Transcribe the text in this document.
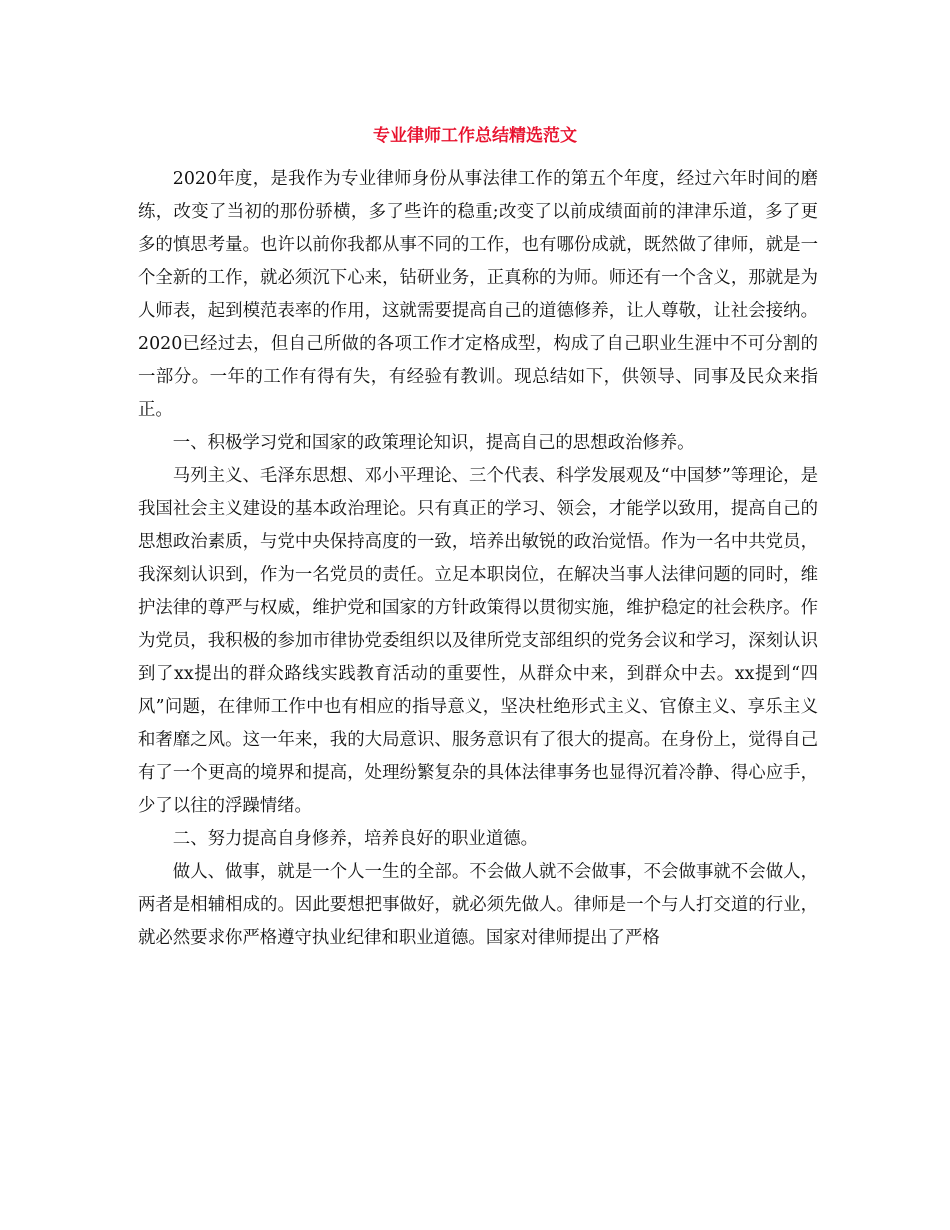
专业律师工作总结精选范文

2020年度，是我作为专业律师身份从事法律工作的第五个年度，经过六年时间的磨练，改变了当初的那份骄横，多了些许的稳重;改变了以前成绩面前的津津乐道，多了更多的慎思考量。也许以前你我都从事不同的工作，也有哪份成就，既然做了律师，就是一个全新的工作，就必须沉下心来，钻研业务，正真称的为师。师还有一个含义，那就是为人师表，起到模范表率的作用，这就需要提高自己的道德修养，让人尊敬，让社会接纳。2020已经过去，但自己所做的各项工作才定格成型，构成了自己职业生涯中不可分割的一部分。一年的工作有得有失，有经验有教训。现总结如下，供领导、同事及民众来指正。

一、积极学习党和国家的政策理论知识，提高自己的思想政治修养。

马列主义、毛泽东思想、邓小平理论、三个代表、科学发展观及“中国梦”等理论，是我国社会主义建设的基本政治理论。只有真正的学习、领会，才能学以致用，提高自己的思想政治素质，与党中央保持高度的一致，培养出敏锐的政治觉悟。作为一名中共党员，我深刻认识到，作为一名党员的责任。立足本职岗位，在解决当事人法律问题的同时，维护法律的尊严与权威，维护党和国家的方针政策得以贯彻实施，维护稳定的社会秩序。作为党员，我积极的参加市律协党委组织以及律所党支部组织的党务会议和学习，深刻认识到了xx提出的群众路线实践教育活动的重要性，从群众中来，到群众中去。xx提到“四风”问题，在律师工作中也有相应的指导意义，坚决杜绝形式主义、官僚主义、享乐主义和奢靡之风。这一年来，我的大局意识、服务意识有了很大的提高。在身份上，觉得自己有了一个更高的境界和提高，处理纷繁复杂的具体法律事务也显得沉着冷静、得心应手，少了以往的浮躁情绪。

二、努力提高自身修养，培养良好的职业道德。

做人、做事，就是一个人一生的全部。不会做人就不会做事，不会做事就不会做人，两者是相辅相成的。因此要想把事做好，就必须先做人。律师是一个与人打交道的行业，就必然要求你严格遵守执业纪律和职业道德。国家对律师提出了严格
